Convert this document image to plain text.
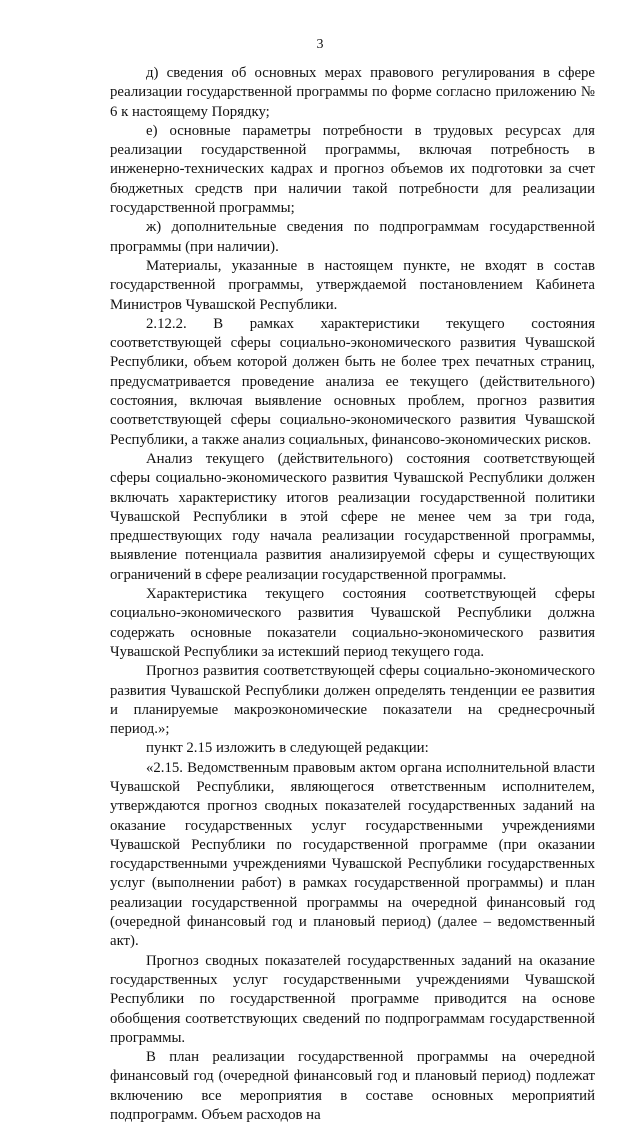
3

д) сведения об основных мерах правового регулирования в сфере реализации государственной программы по форме согласно приложению № 6 к настоящему Порядку;

е) основные параметры потребности в трудовых ресурсах для реализации государственной программы, включая потребность в инженерно-технических кадрах и прогноз объемов их подготовки за счет бюджетных средств при наличии такой потребности для реализации государственной программы;

ж) дополнительные сведения по подпрограммам государственной программы (при наличии).

Материалы, указанные в настоящем пункте, не входят в состав государственной программы, утверждаемой постановлением Кабинета Министров Чувашской Республики.

2.12.2. В рамках характеристики текущего состояния соответствующей сферы социально-экономического развития Чувашской Республики, объем которой должен быть не более трех печатных страниц, предусматривается проведение анализа ее текущего (действительного) состояния, включая выявление основных проблем, прогноз развития соответствующей сферы социально-экономического развития Чувашской Республики, а также анализ социальных, финансово-экономических рисков.

Анализ текущего (действительного) состояния соответствующей сферы социально-экономического развития Чувашской Республики должен включать характеристику итогов реализации государственной политики Чувашской Республики в этой сфере не менее чем за три года, предшествующих году начала реализации государственной программы, выявление потенциала развития анализируемой сферы и существующих ограничений в сфере реализации государственной программы.

Характеристика текущего состояния соответствующей сферы социально-экономического развития Чувашской Республики должна содержать основные показатели социально-экономического развития Чувашской Республики за истекший период текущего года.

Прогноз развития соответствующей сферы социально-экономического развития Чувашской Республики должен определять тенденции ее развития и планируемые макроэкономические показатели на среднесрочный период.»;

пункт 2.15 изложить в следующей редакции:

«2.15. Ведомственным правовым актом органа исполнительной власти Чувашской Республики, являющегося ответственным исполнителем, утверждаются прогноз сводных показателей государственных заданий на оказание государственных услуг государственными учреждениями Чувашской Республики по государственной программе (при оказании государственными учреждениями Чувашской Республики государственных услуг (выполнении работ) в рамках государственной программы) и план реализации государственной программы на очередной финансовый год (очередной финансовый год и плановый период) (далее – ведомственный акт).

Прогноз сводных показателей государственных заданий на оказание государственных услуг государственными учреждениями Чувашской Республики по государственной программе приводится на основе обобщения соответствующих сведений по подпрограммам государственной программы.

В план реализации государственной программы на очередной финансовый год (очередной финансовый год и плановый период) подлежат включению все мероприятия в составе основных мероприятий подпрограмм. Объем расходов на
